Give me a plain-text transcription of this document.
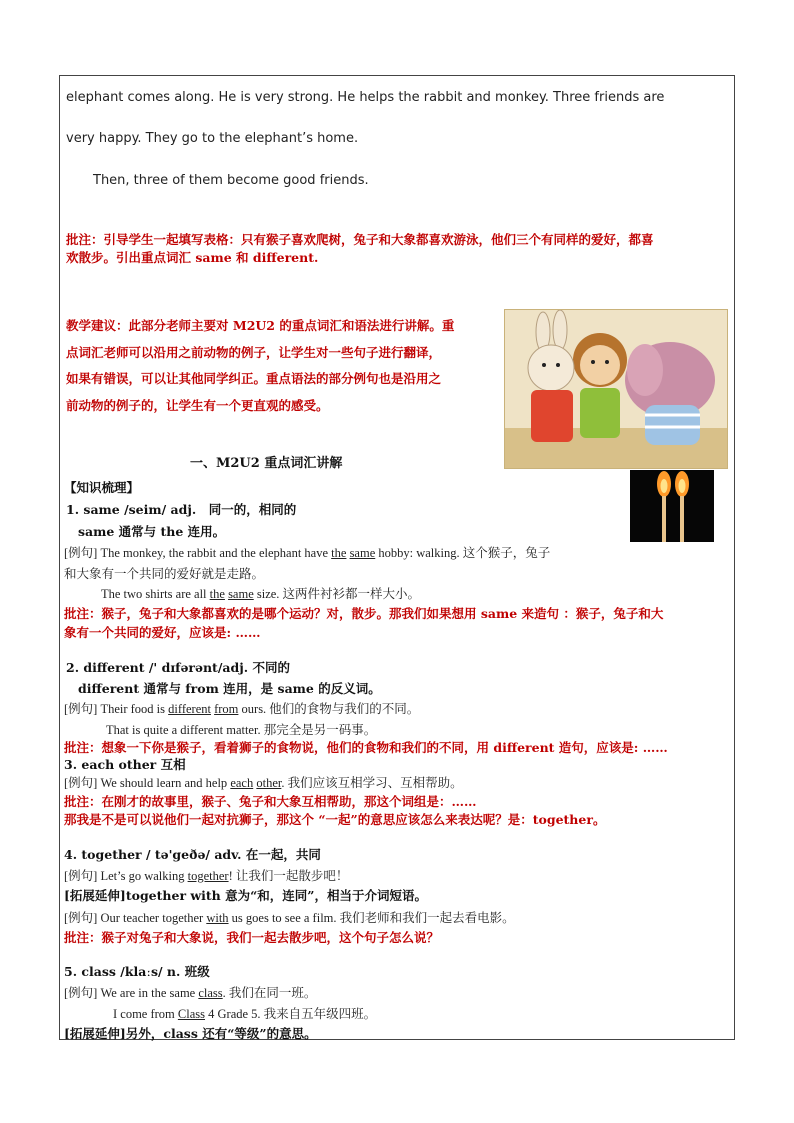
elephant comes along. He is very strong. He helps the rabbit and monkey. Three friends are
very happy. They go to the elephant’s home.
Then, three of them become good friends.
批注：引导学生一起填写表格：只有猴子喜欢爬树，兔子和大象都喜欢游泳，他们三个有同样的爱好，都喜
欢散步。引出重点词汇 same 和 different.
教学建议：此部分老师主要对 M2U2 的重点词汇和语法进行讲解。重
点词汇老师可以沿用之前动物的例子，让学生对一些句子进行翻译，
如果有错误，可以让其他同学纠正。重点语法的部分例句也是沿用之
前动物的例子的，让学生有一个更直观的感受。
一、M2U2 重点词汇讲解
【知识梳理】
1. same /seim/ adj.　同一的，相同的
same 通常与 the 连用。
[例句] The monkey, the rabbit and the elephant have the same hobby: walking. 这个猴子，兔子
和大象有一个共同的爱好就是走路。
The two shirts are all the same size. 这两件衬衫都一样大小。
批注：猴子，兔子和大象都喜欢的是哪个运动？对，散步。那我们如果想用 same 来造句 ：猴子，兔子和大
象有一个共同的爱好，应该是: ……
2. different /' dɪfərənt/adj. 不同的
different 通常与 from 连用，是 same 的反义词。
[例句] Their food is different from ours. 他们的食物与我们的不同。
That is quite a different matter. 那完全是另一码事。
批注：想象一下你是猴子，看着狮子的食物说，他们的食物和我们的不同，用 different 造句，应该是: ……
3. each other 互相
[例句] We should learn and help each other. 我们应该互相学习、互相帮助。
批注：在刚才的故事里，猴子、兔子和大象互相帮助，那这个词组是：……
那我是不是可以说他们一起对抗狮子，那这个 “一起”的意思应该怎么来表达呢？是：together。
4. together / tə'geðə/ adv. 在一起，共同
[例句] Let’s go walking together! 让我们一起散步吧！
[拓展延伸]together with 意为“和，连同”，相当于介词短语。
[例句] Our teacher together with us goes to see a film. 我们老师和我们一起去看电影。
批注：猴子对兔子和大象说，我们一起去散步吧，这个句子怎么说？
5. class /klaːs/ n. 班级
[例句] We are in the same class. 我们在同一班。
I come from Class 4 Grade 5. 我来自五年级四班。
[拓展延伸]另外，class 还有“等级”的意思。
